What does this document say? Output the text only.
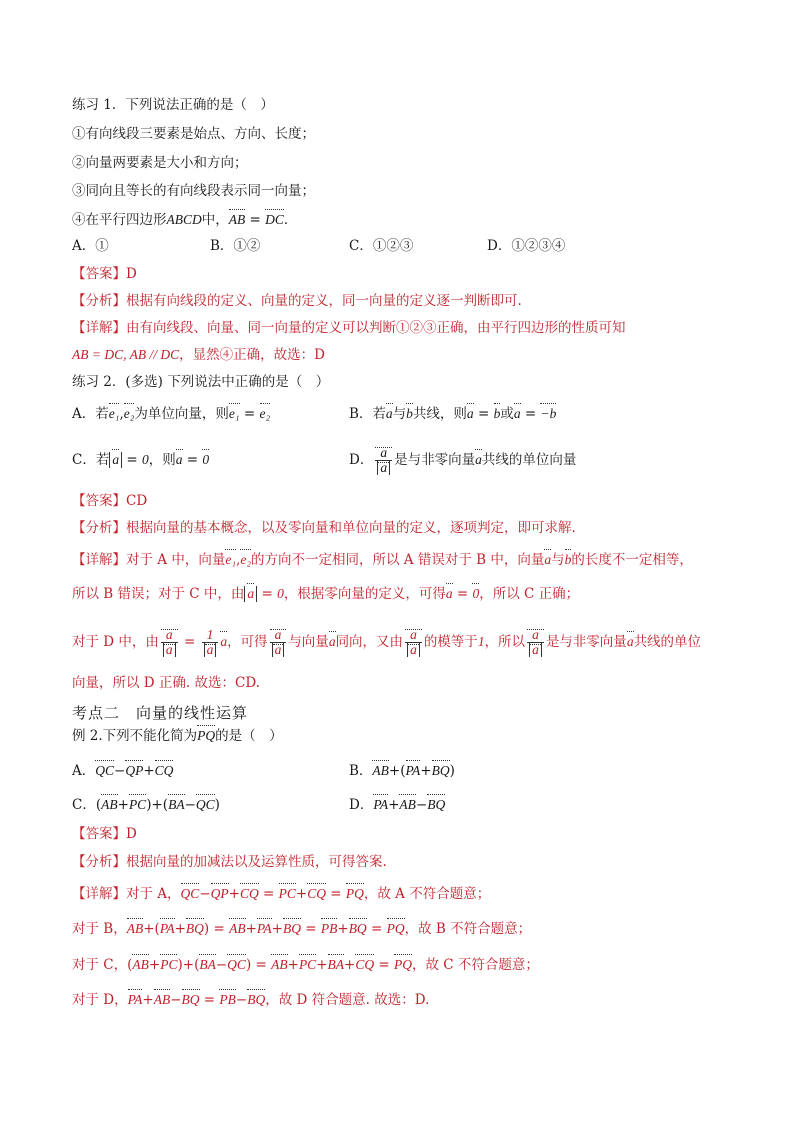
练习 1．下列说法正确的是（　）
①有向线段三要素是始点、方向、长度；
②向量两要素是大小和方向；
③同向且等长的有向线段表示同一向量；
④在平行四边形ABCD中，AB = DC．
A．①	B．①②	C．①②③	D．①②③④
【答案】D
【分析】根据有向线段的定义、向量的定义，同一向量的定义逐一判断即可.
【详解】由有向线段、向量、同一向量的定义可以判断①②③正确，由平行四边形的性质可知
AB = DC, AB // DC，显然④正确，故选：D
练习 2．(多选) 下列说法中正确的是（　）
A．若e₁,e₂为单位向量，则e₁ = e₂	B．若a与b共线，则a = b或a = −b
C．若 a = 0，则a = 0	D． $\frac{a}{a}$ 是与非零向量a共线的单位向量
【答案】CD
【分析】根据向量的基本概念，以及零向量和单位向量的定义，逐项判定，即可求解.
【详解】对于 A 中，向量e₁,e₂的方向不一定相同，所以 A 错误对于 B 中，向量a与b的长度不一定相等，
所以 B 错误；对于 C 中，由 a = 0，根据零向量的定义，可得a = 0，所以 C 正确；
对于 D 中，由 $\frac{a}{a} = \frac{1}{a}$ a，可得 $\frac{a}{a}$ 与向量a同向，又由 $\frac{a}{a}$ 的模等于1，所以 $\frac{a}{a}$ 是与非零向量a共线的单位
向量，所以 D 正确. 故选：CD.
考点二　向量的线性运算
例 2.下列不能化简为PQ的是（　）
A．QC−QP+CQ	B．AB+(PA+BQ)
C．(AB+PC)+(BA−QC)	D．PA+AB−BQ
【答案】D
【分析】根据向量的加减法以及运算性质，可得答案.
【详解】对于 A，QC−QP+CQ = PC+CQ = PQ，故 A 不符合题意；
对于 B，AB+(PA+BQ) = AB+PA+BQ = PB+BQ = PQ，故 B 不符合题意；
对于 C，(AB+PC)+(BA−QC) = AB+PC+BA+CQ = PQ，故 C 不符合题意；
对于 D，PA+AB−BQ = PB−BQ，故 D 符合题意. 故选：D.
